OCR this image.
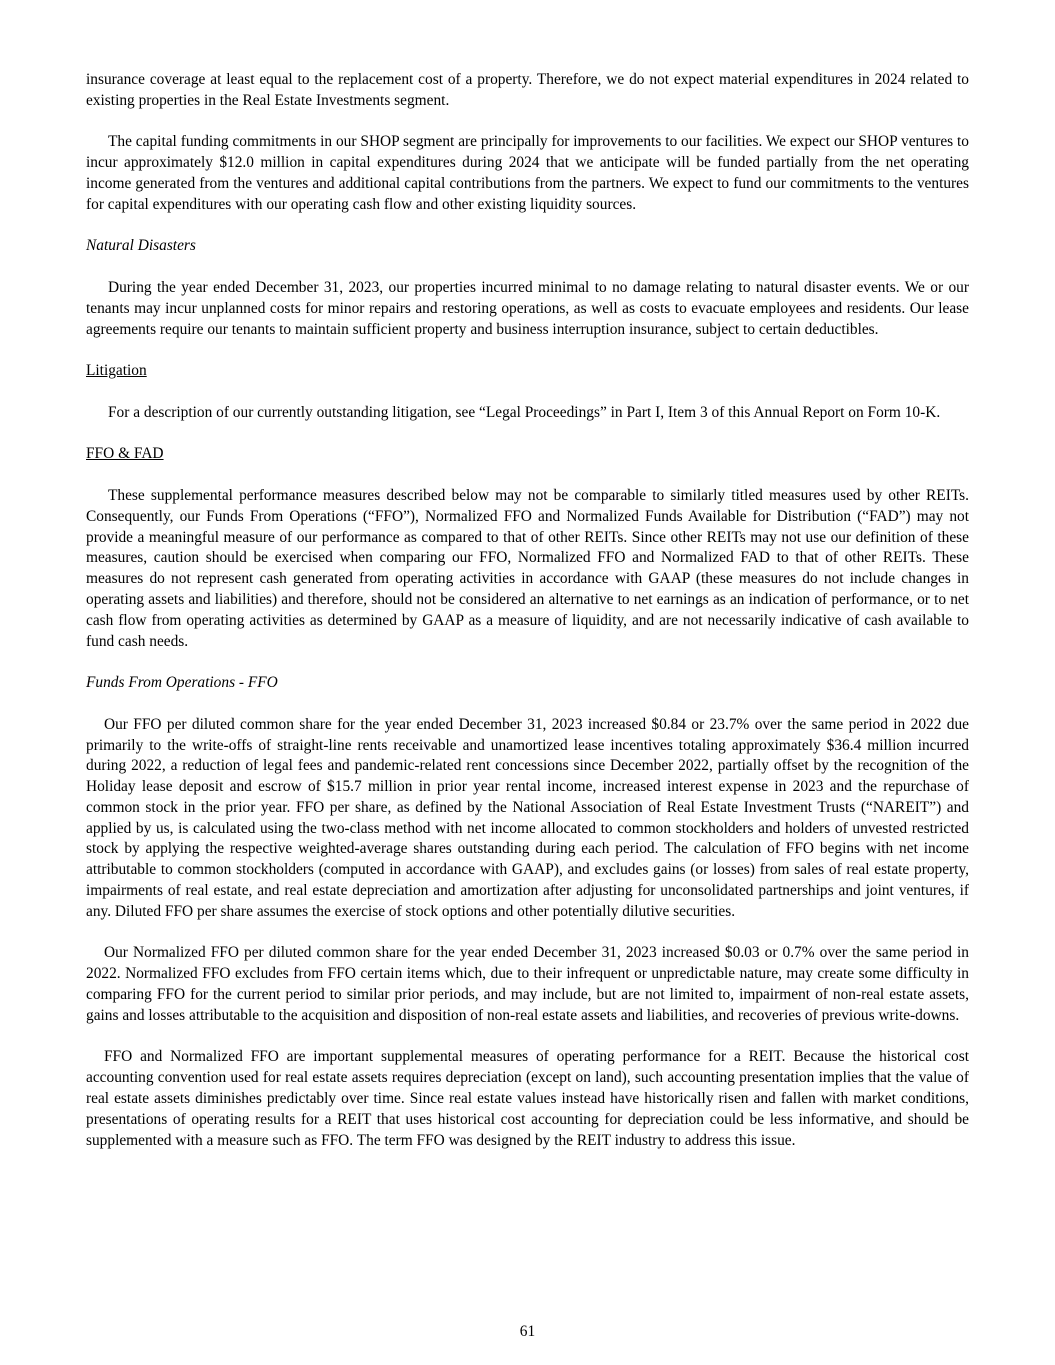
insurance coverage at least equal to the replacement cost of a property. Therefore, we do not expect material expenditures in 2024 related to existing properties in the Real Estate Investments segment.

The capital funding commitments in our SHOP segment are principally for improvements to our facilities. We expect our SHOP ventures to incur approximately $12.0 million in capital expenditures during 2024 that we anticipate will be funded partially from the net operating income generated from the ventures and additional capital contributions from the partners. We expect to fund our commitments to the ventures for capital expenditures with our operating cash flow and other existing liquidity sources.

Natural Disasters

During the year ended December 31, 2023, our properties incurred minimal to no damage relating to natural disaster events. We or our tenants may incur unplanned costs for minor repairs and restoring operations, as well as costs to evacuate employees and residents. Our lease agreements require our tenants to maintain sufficient property and business interruption insurance, subject to certain deductibles.

Litigation

For a description of our currently outstanding litigation, see “Legal Proceedings” in Part I, Item 3 of this Annual Report on Form 10-K.

FFO & FAD

These supplemental performance measures described below may not be comparable to similarly titled measures used by other REITs. Consequently, our Funds From Operations (“FFO”), Normalized FFO and Normalized Funds Available for Distribution (“FAD”) may not provide a meaningful measure of our performance as compared to that of other REITs. Since other REITs may not use our definition of these measures, caution should be exercised when comparing our FFO, Normalized FFO and Normalized FAD to that of other REITs. These measures do not represent cash generated from operating activities in accordance with GAAP (these measures do not include changes in operating assets and liabilities) and therefore, should not be considered an alternative to net earnings as an indication of performance, or to net cash flow from operating activities as determined by GAAP as a measure of liquidity, and are not necessarily indicative of cash available to fund cash needs.

Funds From Operations - FFO

Our FFO per diluted common share for the year ended December 31, 2023 increased $0.84 or 23.7% over the same period in 2022 due primarily to the write-offs of straight-line rents receivable and unamortized lease incentives totaling approximately $36.4 million incurred during 2022, a reduction of legal fees and pandemic-related rent concessions since December 2022, partially offset by the recognition of the Holiday lease deposit and escrow of $15.7 million in prior year rental income, increased interest expense in 2023 and the repurchase of common stock in the prior year. FFO per share, as defined by the National Association of Real Estate Investment Trusts (“NAREIT”) and applied by us, is calculated using the two-class method with net income allocated to common stockholders and holders of unvested restricted stock by applying the respective weighted-average shares outstanding during each period. The calculation of FFO begins with net income attributable to common stockholders (computed in accordance with GAAP), and excludes gains (or losses) from sales of real estate property, impairments of real estate, and real estate depreciation and amortization after adjusting for unconsolidated partnerships and joint ventures, if any. Diluted FFO per share assumes the exercise of stock options and other potentially dilutive securities.

Our Normalized FFO per diluted common share for the year ended December 31, 2023 increased $0.03 or 0.7% over the same period in 2022. Normalized FFO excludes from FFO certain items which, due to their infrequent or unpredictable nature, may create some difficulty in comparing FFO for the current period to similar prior periods, and may include, but are not limited to, impairment of non-real estate assets, gains and losses attributable to the acquisition and disposition of non-real estate assets and liabilities, and recoveries of previous write-downs.

FFO and Normalized FFO are important supplemental measures of operating performance for a REIT. Because the historical cost accounting convention used for real estate assets requires depreciation (except on land), such accounting presentation implies that the value of real estate assets diminishes predictably over time. Since real estate values instead have historically risen and fallen with market conditions, presentations of operating results for a REIT that uses historical cost accounting for depreciation could be less informative, and should be supplemented with a measure such as FFO. The term FFO was designed by the REIT industry to address this issue.

61
